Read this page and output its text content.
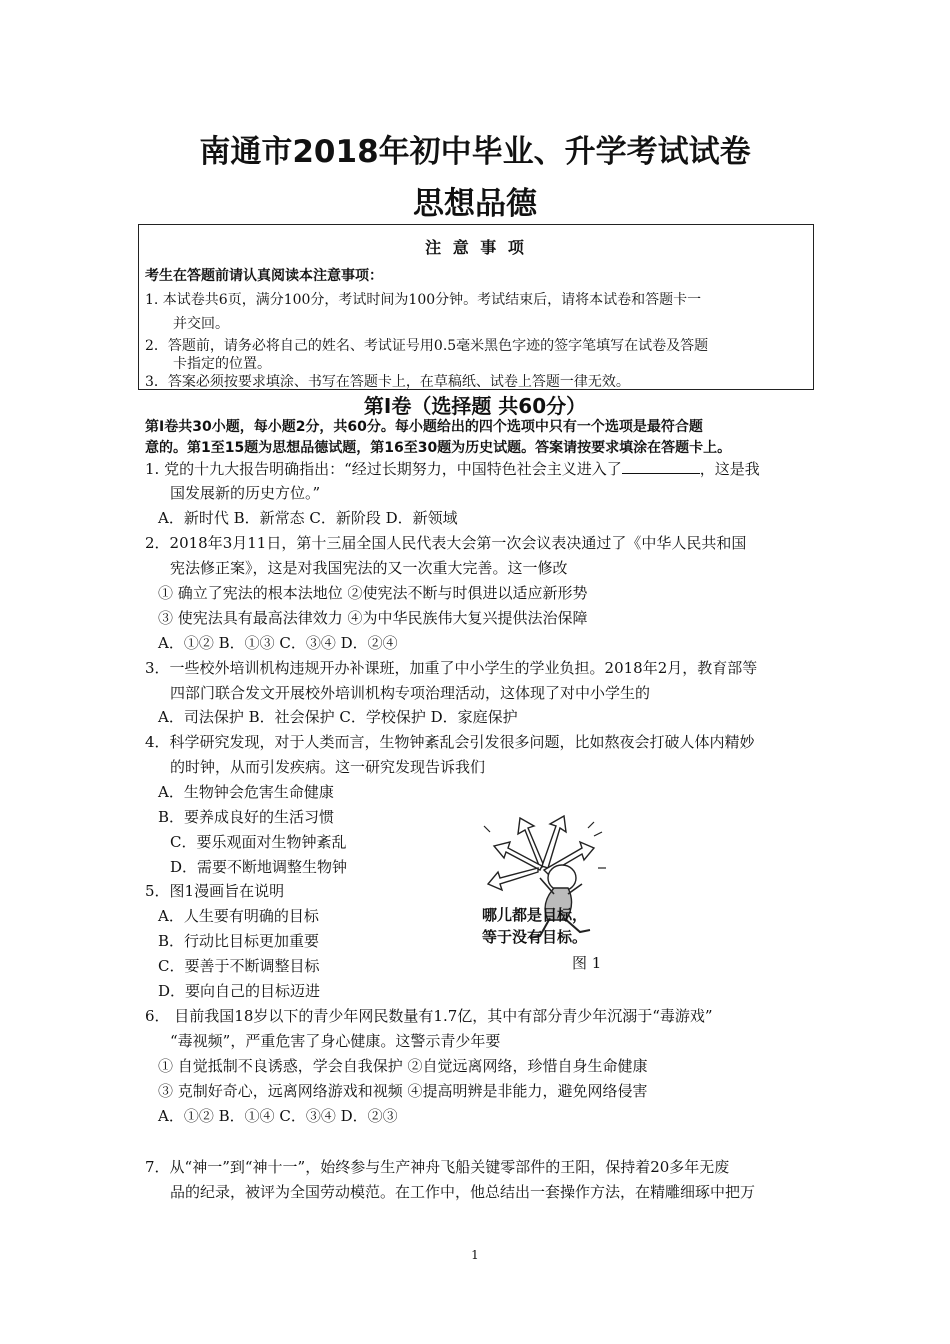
南通市2018年初中毕业、升学考试试卷
思想品德
注 意 事 项
考生在答题前请认真阅读本注意事项：
1. 本试卷共6页，满分100分，考试时间为100分钟。考试结束后，请将本试卷和答题卡一
并交回。
2．答题前，请务必将自己的姓名、考试证号用0.5毫米黑色字迹的签字笔填写在试卷及答题
卡指定的位置。
3．答案必须按要求填涂、书写在答题卡上，在草稿纸、试卷上答题一律无效。
第Ⅰ卷（选择题 共60分）
第Ⅰ卷共30小题，每小题2分，共60分。每小题给出的四个选项中只有一个选项是最符合题
意的。第1至15题为思想品德试题，第16至30题为历史试题。答案请按要求填涂在答题卡上。
1. 党的十九大报告明确指出：“经过长期努力，中国特色社会主义进入了	，这是我
国发展新的历史方位。”
A．新时代 B．新常态 C．新阶段 D．新领域
2．2018年3月11日，第十三届全国人民代表大会第一次会议表决通过了《中华人民共和国
宪法修正案》，这是对我国宪法的又一次重大完善。这一修改
① 确立了宪法的根本法地位 ②使宪法不断与时俱进以适应新形势
③ 使宪法具有最高法律效力 ④为中华民族伟大复兴提供法治保障
A．①② B．①③ C．③④ D．②④
3．一些校外培训机构违规开办补课班，加重了中小学生的学业负担。2018年2月，教育部等
四部门联合发文开展校外培训机构专项治理活动，这体现了对中小学生的
A．司法保护 B．社会保护 C．学校保护 D．家庭保护
4．科学研究发现，对于人类而言，生物钟紊乱会引发很多问题，比如熬夜会打破人体内精妙
的时钟，从而引发疾病。这一研究发现告诉我们
A．生物钟会危害生命健康
B．要养成良好的生活习惯
C．要乐观面对生物钟紊乱
D．需要不断地调整生物钟
5．图1漫画旨在说明
A．人生要有明确的目标
B．行动比目标更加重要
C．要善于不断调整目标
D．要向自己的目标迈进
哪儿都是目标，
等于没有目标。
图 1
6． 目前我国18岁以下的青少年网民数量有1.7亿，其中有部分青少年沉溺于“毒游戏”
“毒视频”，严重危害了身心健康。这警示青少年要
① 自觉抵制不良诱惑，学会自我保护 ②自觉远离网络，珍惜自身生命健康
③ 克制好奇心，远离网络游戏和视频 ④提高明辨是非能力，避免网络侵害
A．①② B．①④ C．③④ D．②③
7．从“神一”到“神十一”，始终参与生产神舟飞船关键零部件的王阳，保持着20多年无废
品的纪录，被评为全国劳动模范。在工作中，他总结出一套操作方法，在精雕细琢中把万
1
